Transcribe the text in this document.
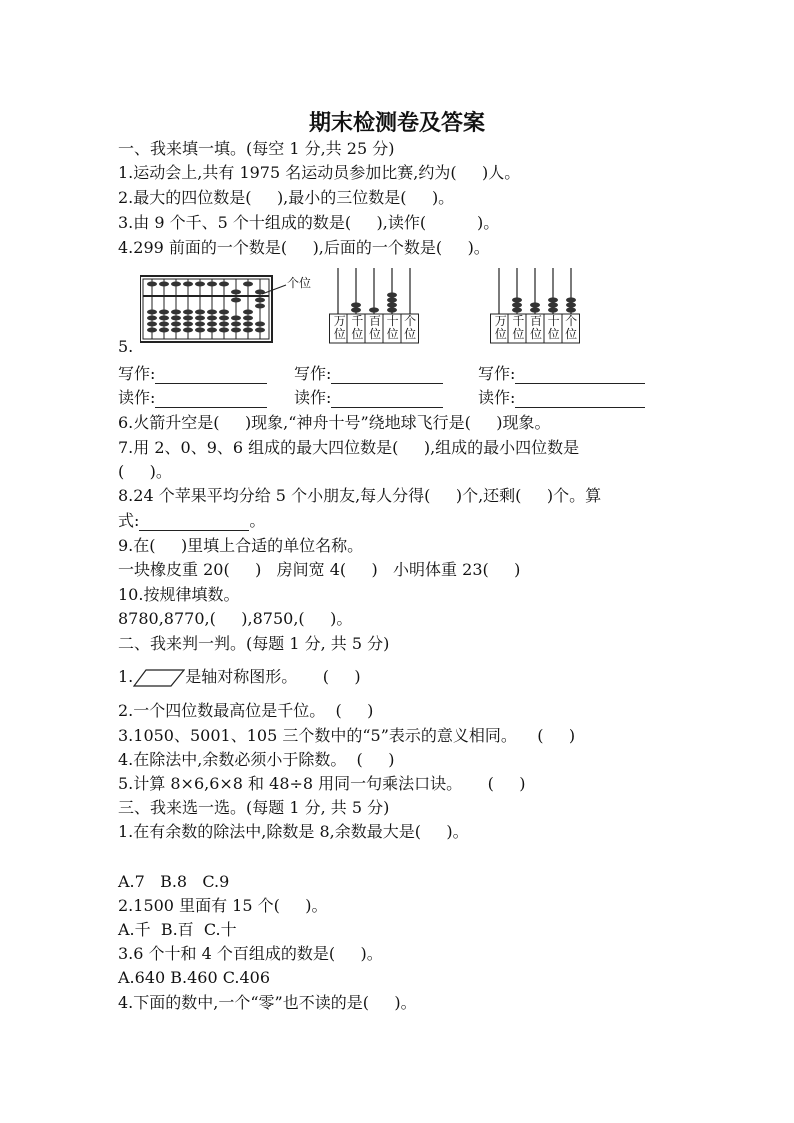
期末检测卷及答案
一、我来填一填。(每空 1 分,共 25 分)
1.运动会上,共有 1975 名运动员参加比赛,约为(     )人。
2.最大的四位数是(     ),最小的三位数是(     )。
3.由 9 个千、5 个十组成的数是(     ),读作(          )。
4.299 前面的一个数是(     ),后面的一个数是(     )。
个位
万位
千位
百位
十位
个位
万位
千位
百位
十位
个位
5.
写作:	写作:	写作:
读作:	读作:	读作:
6.火箭升空是(     )现象,“神舟十号”绕地球飞行是(     )现象。
7.用 2、0、9、6 组成的最大四位数是(     ),组成的最小四位数是
(     )。
8.24 个苹果平均分给 5 个小朋友,每人分得(     )个,还剩(     )个。算
式:	。
9.在(     )里填上合适的单位名称。
一块橡皮重 20(     )   房间宽 4(     )   小明体重 23(     )
10.按规律填数。
8780,8770,(     ),8750,(     )。
二、我来判一判。(每题 1 分, 共 5 分)
1.	是轴对称图形。     (     )
2.一个四位数最高位是千位。  (     )
3.1050、5001、105 三个数中的“5”表示的意义相同。    (     )
4.在除法中,余数必须小于除数。  (     )
5.计算 8×6,6×8 和 48÷8 用同一句乘法口诀。     (     )
三、我来选一选。(每题 1 分, 共 5 分)
1.在有余数的除法中,除数是 8,余数最大是(     )。
A.7   B.8   C.9
2.1500 里面有 15 个(     )。
A.千  B.百  C.十
3.6 个十和 4 个百组成的数是(     )。
A.640 B.460 C.406
4.下面的数中,一个“零”也不读的是(     )。
